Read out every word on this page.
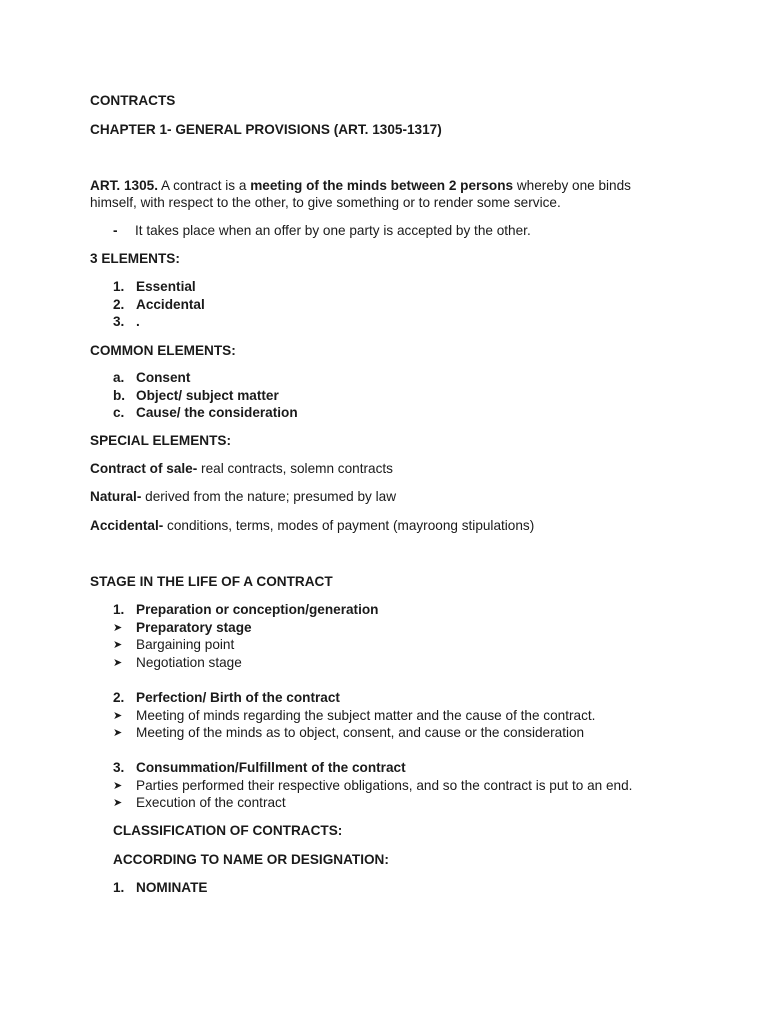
CONTRACTS
CHAPTER 1- GENERAL PROVISIONS (ART. 1305-1317)
ART. 1305. A contract is a meeting of the minds between 2 persons whereby one binds
himself, with respect to the other, to give something or to render some service.
- It takes place when an offer by one party is accepted by the other.
3 ELEMENTS:
1. Essential
2. Accidental
3. .
COMMON ELEMENTS:
a. Consent
b. Object/ subject matter
c. Cause/ the consideration
SPECIAL ELEMENTS:
Contract of sale- real contracts, solemn contracts
Natural- derived from the nature; presumed by law
Accidental- conditions, terms, modes of payment (mayroong stipulations)
STAGE IN THE LIFE OF A CONTRACT
1. Preparation or conception/generation
➤ Preparatory stage
➤ Bargaining point
➤ Negotiation stage
2. Perfection/ Birth of the contract
➤ Meeting of minds regarding the subject matter and the cause of the contract.
➤ Meeting of the minds as to object, consent, and cause or the consideration
3. Consummation/Fulfillment of the contract
➤ Parties performed their respective obligations, and so the contract is put to an end.
➤ Execution of the contract
CLASSIFICATION OF CONTRACTS:
ACCORDING TO NAME OR DESIGNATION:
1. NOMINATE
